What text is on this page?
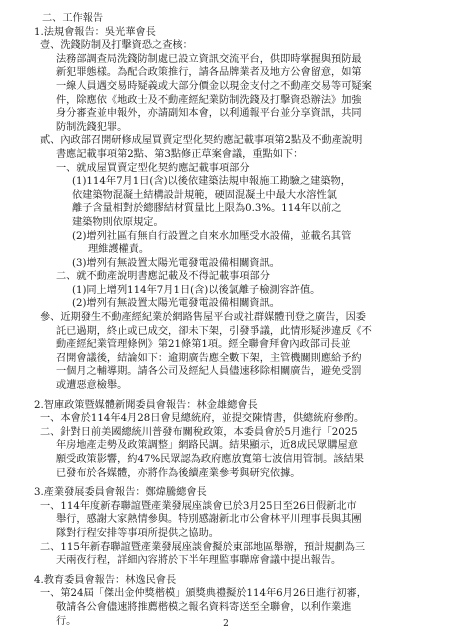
二、工作報告
1.法規會報告：吳光華會長
壹、洗錢防制及打擊資恐之查核：
法務部調查局洗錢防制處已設立資訊交流平台，供即時掌握與預防最
新犯罪態樣。為配合政策推行，請各品牌業者及地方公會留意，如第
一線人員遇交易時疑義或大部分價金以現金支付之不動產交易等可疑案
件，除應依《地政士及不動產經紀業防制洗錢及打擊資恐辦法》加強
身分審查並申報外，亦請副知本會，以利通報平台並分享資訊，共同
防制洗錢犯罪。
貳、內政部召開研修成屋買賣定型化契約應記載事項第2點及不動產說明
書應記載事項第2點、第3點修正草案會議，重點如下：
一、就成屋買賣定型化契約應記載事項部分
(1)114年7月1日(含)以後依建築法規申報施工勘驗之建築物，
依建築物混凝土結構設計規範，硬固混凝土中最大水溶性氯
離子含量相對於總膠結材質量比上限為0.3%。114年以前之
建築物則依原規定。
(2)增列社區有無自行設置之自來水加壓受水設備，並載名其管
理維護權責。
(3)增列有無設置太陽光電發電設備相關資訊。
二、就不動產說明書應記載及不得記載事項部分
(1)同上增列114年7月1日(含)以後氯離子檢測容許值。
(2)增列有無設置太陽光電發電設備相關資訊。
參、近期發生不動產經紀業於網路售屋平台或社群媒體刊登之廣告，因委
託已過期，終止或已成交，卻未下架，引發爭議，此情形疑涉違反《不
動產經紀業管理條例》第21條第1項。經全聯會拜會內政部司長並
召開會議後，結論如下：逾期廣告應全數下架，主管機關則應給予約
一個月之輔導期。請各公司及經紀人員儘速移除相關廣告，避免受罰
或遭惡意檢舉。
2.智庫政策暨媒體新聞委員會報告：林金雄總會長
一、本會於114年4月28日會見總統府，並提交陳情書，供總統府參酌。
二、針對日前美國總統川普發布關稅政策，本委員會於5月進行「2025
年房地產走勢及政策調整」網路民調。結果顯示，近8成民眾購屋意
願受政策影響，約47%民眾認為政府應放寬第七波信用管制。該結果
已發布於各媒體，亦將作為後續產業參考與研究依據。
3.產業發展委員會報告：鄭煒騰總會長
一、114年度新春聯誼暨產業發展座談會已於3月25日至26日假新北市
舉行，感謝大家熱情參與。特別感謝新北市公會林平川理事長與其團
隊對行程安排等事項所提供之協助。
二、115年新春聯誼暨產業發展座談會擬於東部地區舉辦，預計規劃為三
天兩夜行程，詳細內容將於下半年理監事聯席會議中提出報告。
4.教育委員會報告：林逸民會長
一、第24屆「傑出金仲獎楷模」頒獎典禮擬於114年6月26日進行初審，
敬請各公會儘速將推薦楷模之報名資料寄送至全聯會，以利作業進
行。	2
